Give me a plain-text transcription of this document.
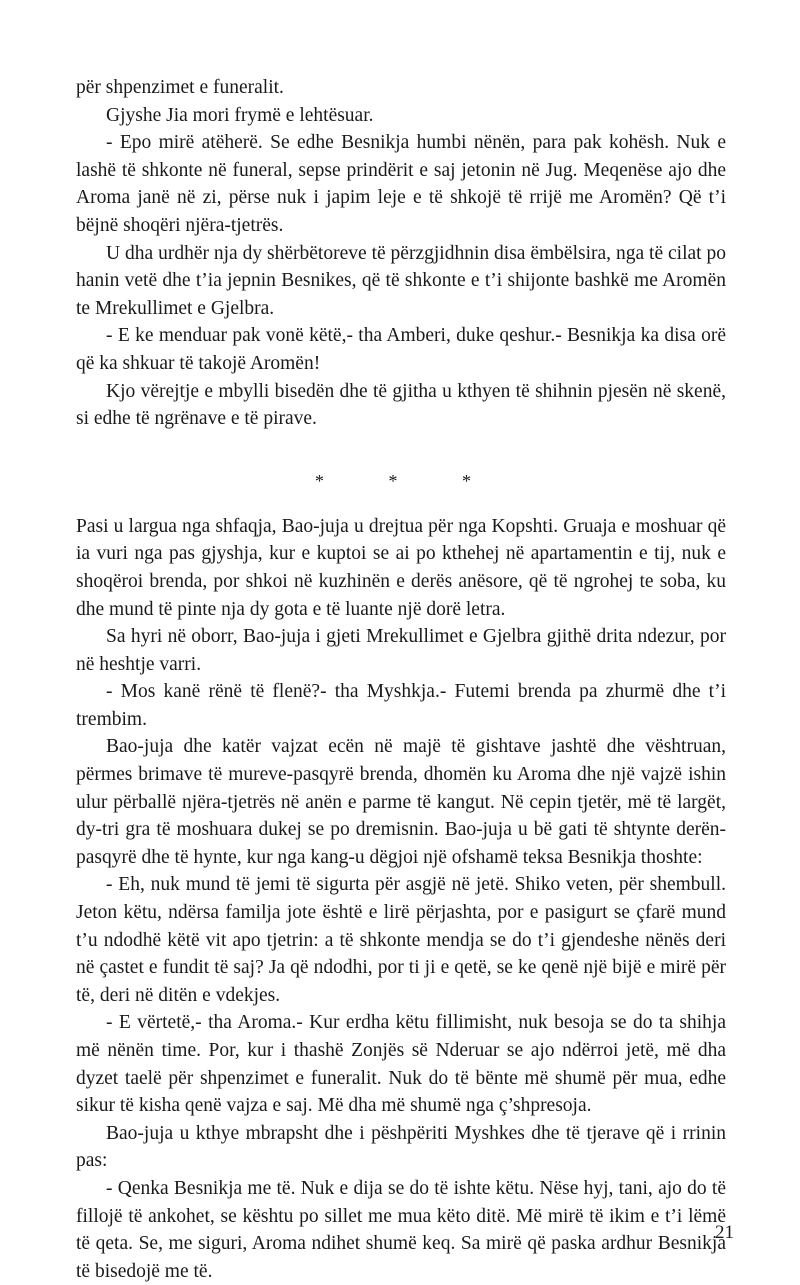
për shpenzimet e funeralit.

Gjyshe Jia mori frymë e lehtësuar.

- Epo mirë atëherë. Se edhe Besnikja humbi nënën, para pak kohësh. Nuk e lashë të shkonte në funeral, sepse prindërit e saj jetonin në Jug. Meqenëse ajo dhe Aroma janë në zi, përse nuk i japim leje e të shkojë të rrijë me Aromën? Që t’i bëjnë shoqëri njëra-tjetrës.

U dha urdhër nja dy shërbëtoreve të përzgjidhnin disa ëmbëlsira, nga të cilat po hanin vetë dhe t’ia jepnin Besnikes, që të shkonte e t’i shijonte bashkë me Aromën te Mrekullimet e Gjelbra.

- E ke menduar pak vonë këtë,- tha Amberi, duke qeshur.- Besnikja ka disa orë që ka shkuar të takojë Aromën!

Kjo vërejtje e mbylli bisedën dhe të gjitha u kthyen të shihnin pjesën në skenë, si edhe të ngrënave e të pirave.

* * *

Pasi u largua nga shfaqja, Bao-juja u drejtua për nga Kopshti. Gruaja e moshuar që ia vuri nga pas gjyshja, kur e kuptoi se ai po kthehej në apartamentin e tij, nuk e shoqëroi brenda, por shkoi në kuzhinën e derës anësore, që të ngrohej te soba, ku dhe mund të pinte nja dy gota e të luante një dorë letra.

Sa hyri në oborr, Bao-juja i gjeti Mrekullimet e Gjelbra gjithë drita ndezur, por në heshtje varri.

- Mos kanë rënë të flenë?- tha Myshkja.- Futemi brenda pa zhurmë dhe t’i trembim.

Bao-juja dhe katër vajzat ecën në majë të gishtave jashtë dhe vështruan, përmes brimave të mureve-pasqyrë brenda, dhomën ku Aroma dhe një vajzë ishin ulur përballë njëra-tjetrës në anën e parme të kangut. Në cepin tjetër, më të largët, dy-tri gra të moshuara dukej se po dremisnin. Bao-juja u bë gati të shtynte derën-pasqyrë dhe të hynte, kur nga kang-u dëgjoi një ofshamë teksa Besnikja thoshte:

- Eh, nuk mund të jemi të sigurta për asgjë në jetë. Shiko veten, për shembull. Jeton këtu, ndërsa familja jote është e lirë përjashta, por e pasigurt se çfarë mund t’u ndodhë këtë vit apo tjetrin: a të shkonte mendja se do t’i gjendeshe nënës deri në çastet e fundit të saj? Ja që ndodhi, por ti ji e qetë, se ke qenë një bijë e mirë për të, deri në ditën e vdekjes.

- E vërtetë,- tha Aroma.- Kur erdha këtu fillimisht, nuk besoja se do ta shihja më nënën time. Por, kur i thashë Zonjës së Nderuar se ajo ndërroi jetë, më dha dyzet taelë për shpenzimet e funeralit. Nuk do të bënte më shumë për mua, edhe sikur të kisha qenë vajza e saj. Më dha më shumë nga ç’shpresoja.

Bao-juja u kthye mbrapsht dhe i pëshpëriti Myshkes dhe të tjerave që i rrinin pas:

- Qenka Besnikja me të. Nuk e dija se do të ishte këtu. Nëse hyj, tani, ajo do të fillojë të ankohet, se kështu po sillet me mua këto ditë. Më mirë të ikim e t’i lëmë të qeta. Se, me siguri, Aroma ndihet shumë keq. Sa mirë që paska ardhur Besnikja të bisedojë me të.

21
